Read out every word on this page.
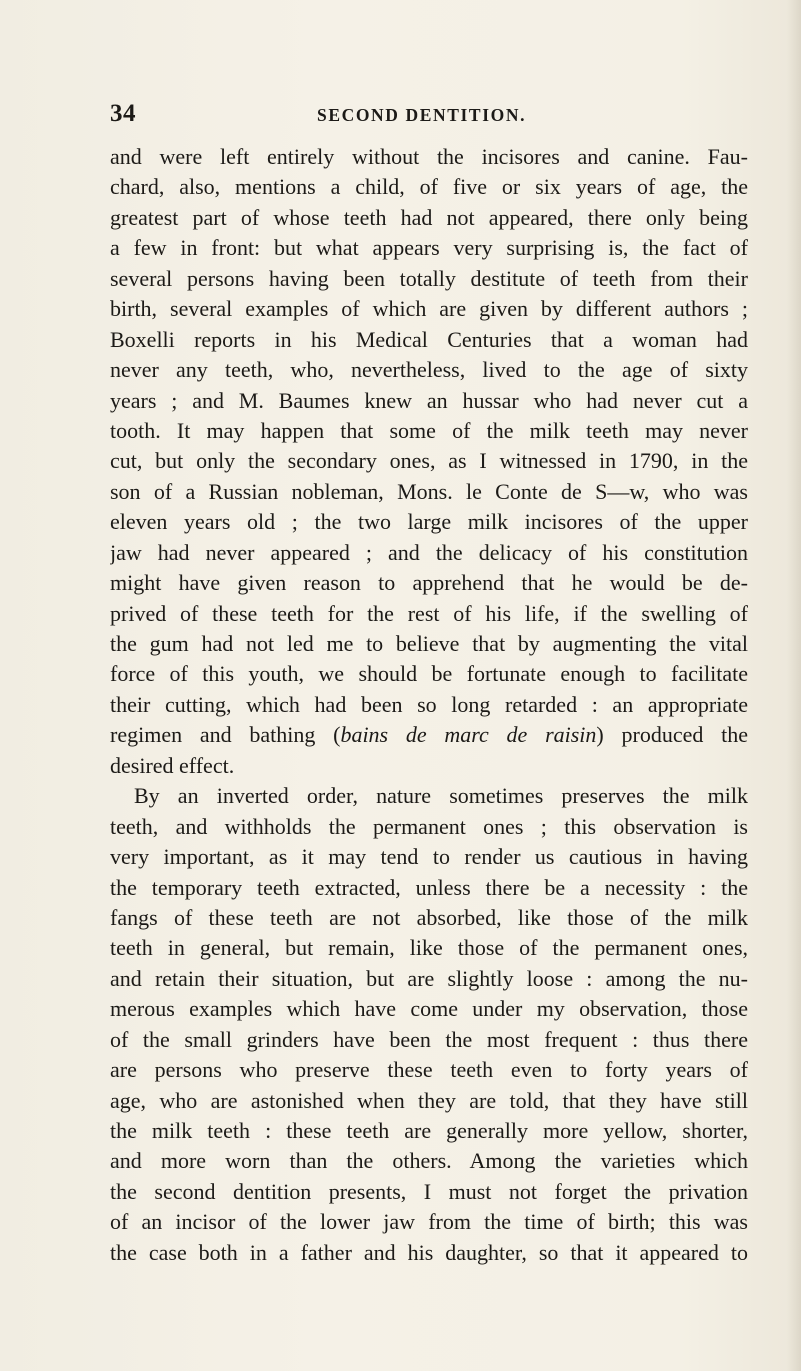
34	SECOND DENTITION.
and were left entirely without the incisores and canine. Fau-
chard, also, mentions a child, of five or six years of age, the
greatest part of whose teeth had not appeared, there only being
a few in front: but what appears very surprising is, the fact of
several persons having been totally destitute of teeth from their
birth, several examples of which are given by different authors ;
Boxelli reports in his Medical Centuries that a woman had
never any teeth, who, nevertheless, lived to the age of sixty
years ; and M. Baumes knew an hussar who had never cut a
tooth. It may happen that some of the milk teeth may never
cut, but only the secondary ones, as I witnessed in 1790, in the
son of a Russian nobleman, Mons. le Conte de S—w, who was
eleven years old ; the two large milk incisores of the upper
jaw had never appeared ; and the delicacy of his constitution
might have given reason to apprehend that he would be de-
prived of these teeth for the rest of his life, if the swelling of
the gum had not led me to believe that by augmenting the vital
force of this youth, we should be fortunate enough to facilitate
their cutting, which had been so long retarded : an appropriate
regimen and bathing (bains de marc de raisin) produced the
desired effect.
By an inverted order, nature sometimes preserves the milk
teeth, and withholds the permanent ones ; this observation is
very important, as it may tend to render us cautious in having
the temporary teeth extracted, unless there be a necessity : the
fangs of these teeth are not absorbed, like those of the milk
teeth in general, but remain, like those of the permanent ones,
and retain their situation, but are slightly loose : among the nu-
merous examples which have come under my observation, those
of the small grinders have been the most frequent : thus there
are persons who preserve these teeth even to forty years of
age, who are astonished when they are told, that they have still
the milk teeth : these teeth are generally more yellow, shorter,
and more worn than the others. Among the varieties which
the second dentition presents, I must not forget the privation
of an incisor of the lower jaw from the time of birth; this was
the case both in a father and his daughter, so that it appeared to
